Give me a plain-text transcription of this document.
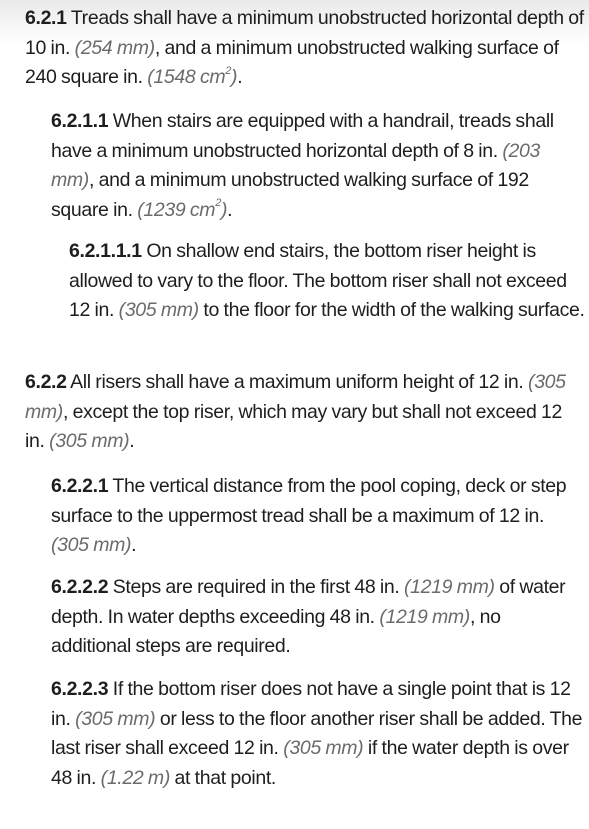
6.2.1 Treads shall have a minimum unobstructed horizontal depth of 10 in. (254 mm), and a minimum unobstructed walking surface of 240 square in. (1548 $cm^2$).

6.2.1.1 When stairs are equipped with a handrail, treads shall have a minimum unobstructed horizontal depth of 8 in. (203 mm), and a minimum unobstructed walking surface of 192 square in. (1239 $cm^2$).

6.2.1.1.1 On shallow end stairs, the bottom riser height is allowed to vary to the floor. The bottom riser shall not exceed 12 in. (305 mm) to the floor for the width of the walking surface.

6.2.2 All risers shall have a maximum uniform height of 12 in. (305 mm), except the top riser, which may vary but shall not exceed 12 in. (305 mm).

6.2.2.1 The vertical distance from the pool coping, deck or step surface to the uppermost tread shall be a maximum of 12 in. (305 mm).

6.2.2.2 Steps are required in the first 48 in. (1219 mm) of water depth. In water depths exceeding 48 in. (1219 mm), no additional steps are required.

6.2.2.3 If the bottom riser does not have a single point that is 12 in. (305 mm) or less to the floor another riser shall be added. The last riser shall exceed 12 in. (305 mm) if the water depth is over 48 in. (1.22 m) at that point.
